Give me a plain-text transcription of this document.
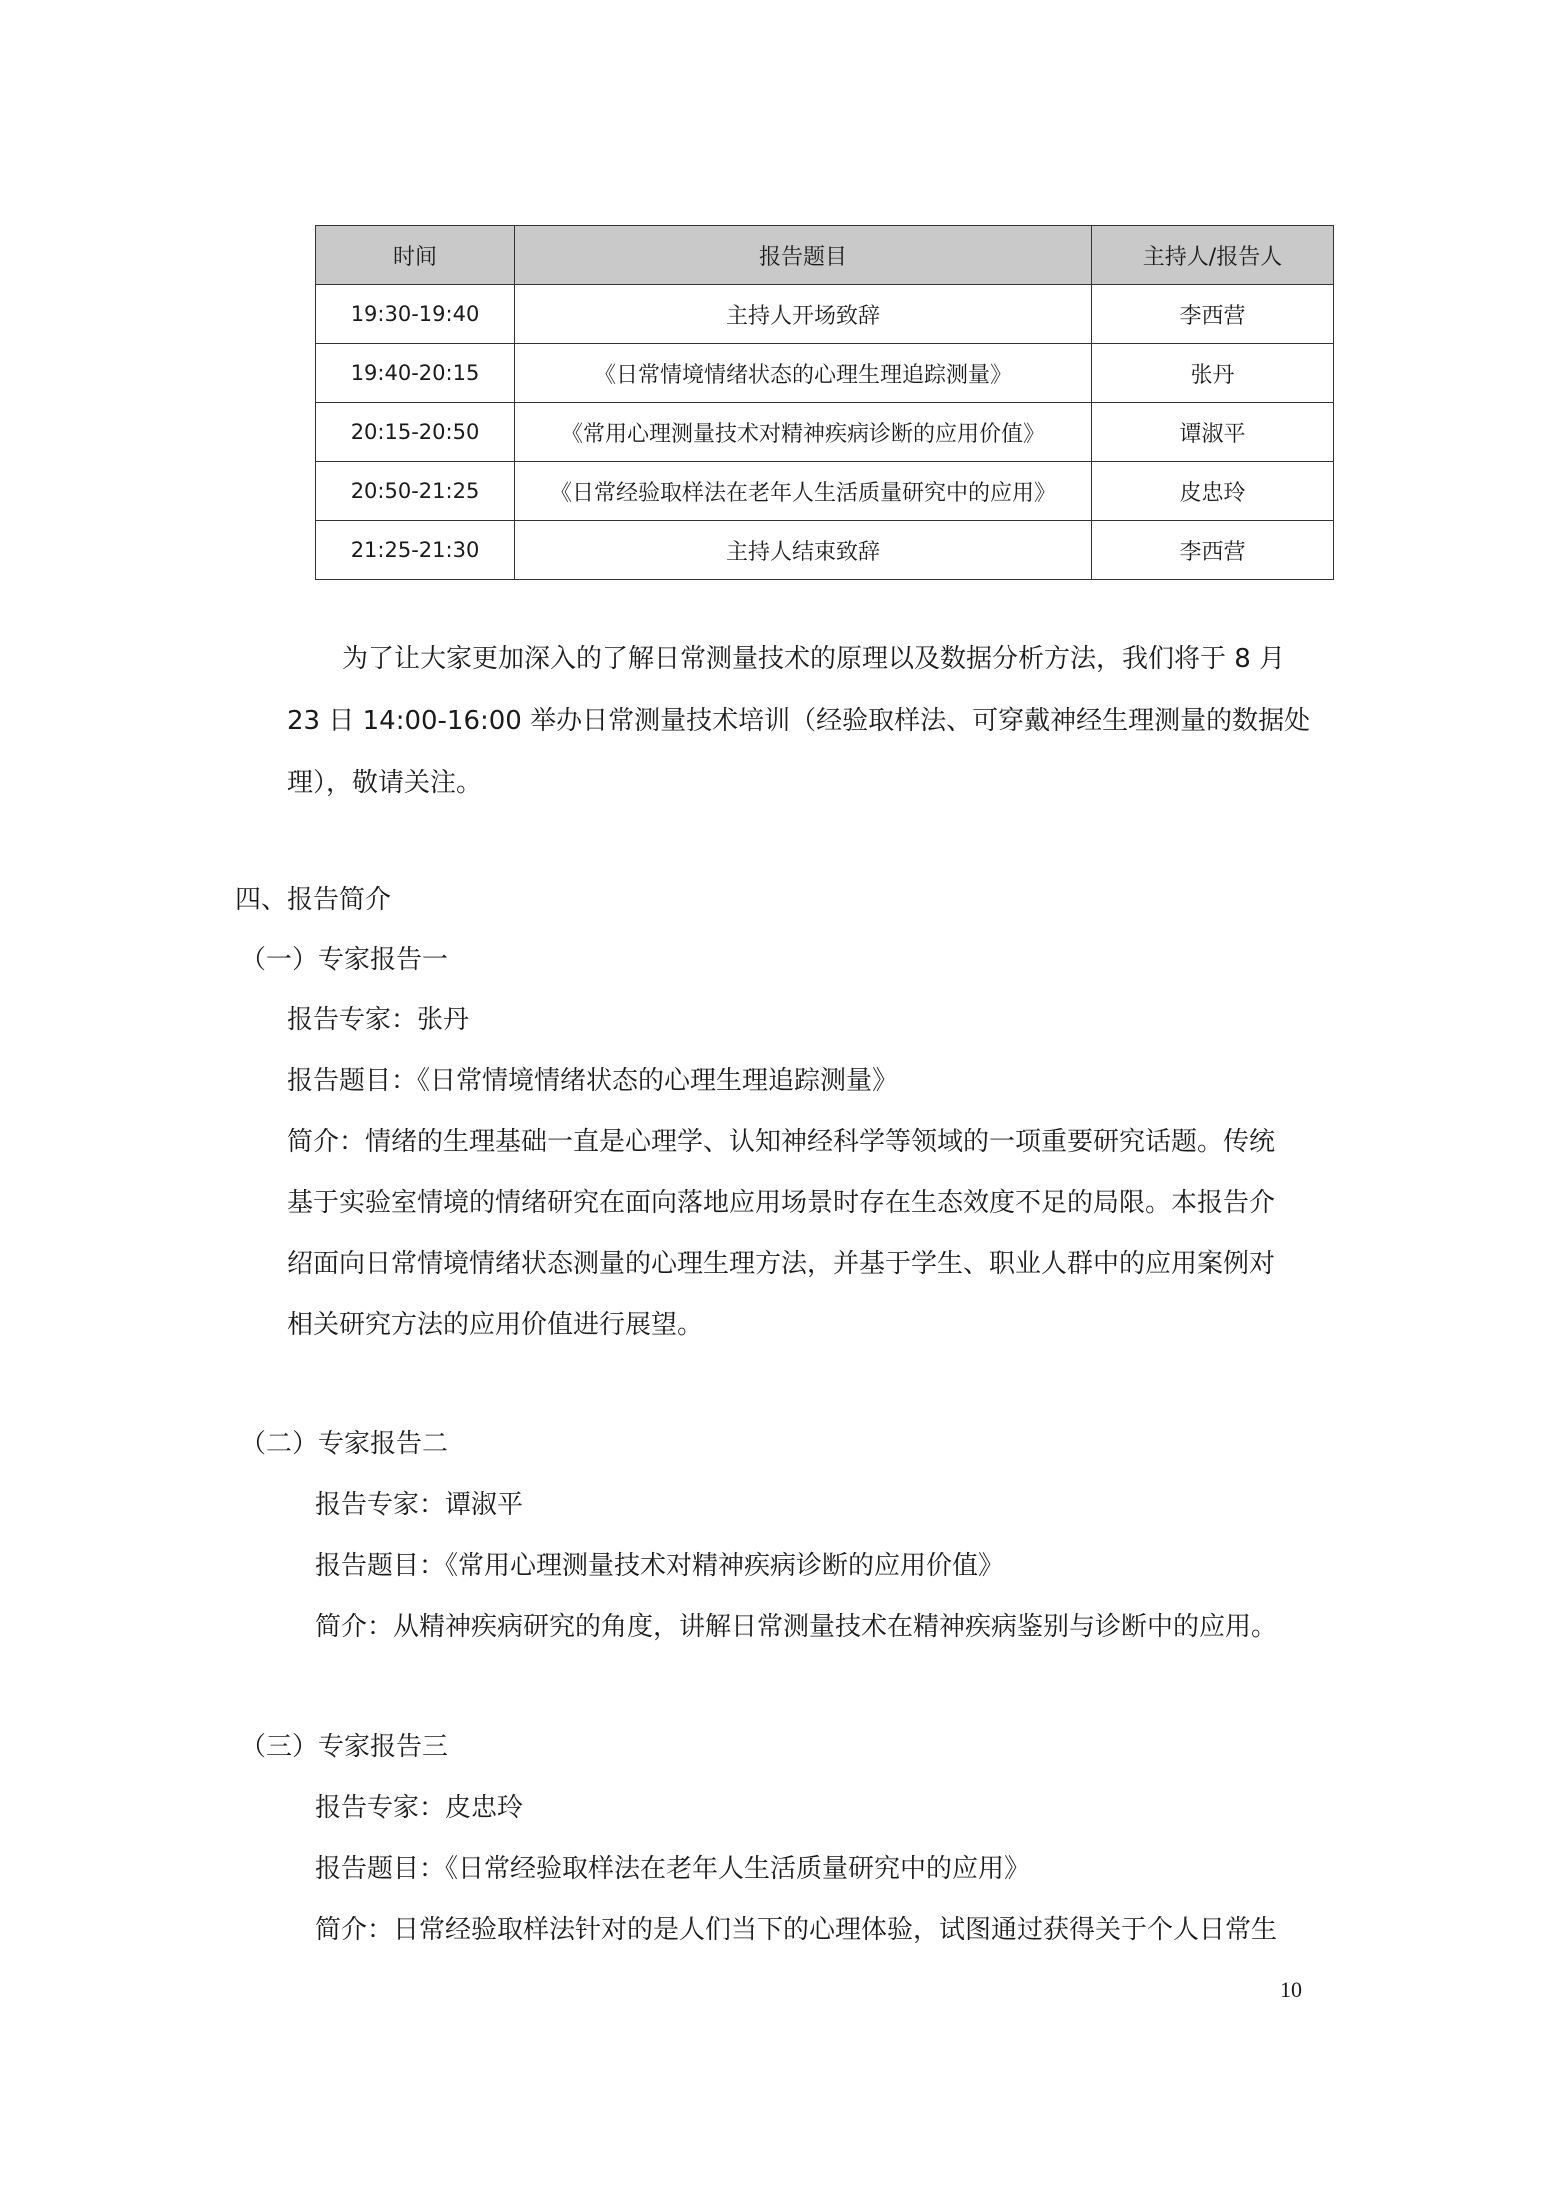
时间	报告题目	主持人/报告人
19:30-19:40	主持人开场致辞	李西营
19:40-20:15	《日常情境情绪状态的心理生理追踪测量》	张丹
20:15-20:50	《常用心理测量技术对精神疾病诊断的应用价值》	谭淑平
20:50-21:25	《日常经验取样法在老年人生活质量研究中的应用》	皮忠玲
21:25-21:30	主持人结束致辞	李西营
为了让大家更加深入的了解日常测量技术的原理以及数据分析方法，我们将于 8 月
23 日 14:00-16:00 举办日常测量技术培训（经验取样法、可穿戴神经生理测量的数据处
理），敬请关注。
四、报告简介
（一）专家报告一
报告专家：张丹
报告题目：《日常情境情绪状态的心理生理追踪测量》
简介：情绪的生理基础一直是心理学、认知神经科学等领域的一项重要研究话题。传统
基于实验室情境的情绪研究在面向落地应用场景时存在生态效度不足的局限。本报告介
绍面向日常情境情绪状态测量的心理生理方法，并基于学生、职业人群中的应用案例对
相关研究方法的应用价值进行展望。
（二）专家报告二
报告专家：谭淑平
报告题目：《常用心理测量技术对精神疾病诊断的应用价值》
简介：从精神疾病研究的角度，讲解日常测量技术在精神疾病鉴别与诊断中的应用。
（三）专家报告三
报告专家：皮忠玲
报告题目：《日常经验取样法在老年人生活质量研究中的应用》
简介：日常经验取样法针对的是人们当下的心理体验，试图通过获得关于个人日常生
10
